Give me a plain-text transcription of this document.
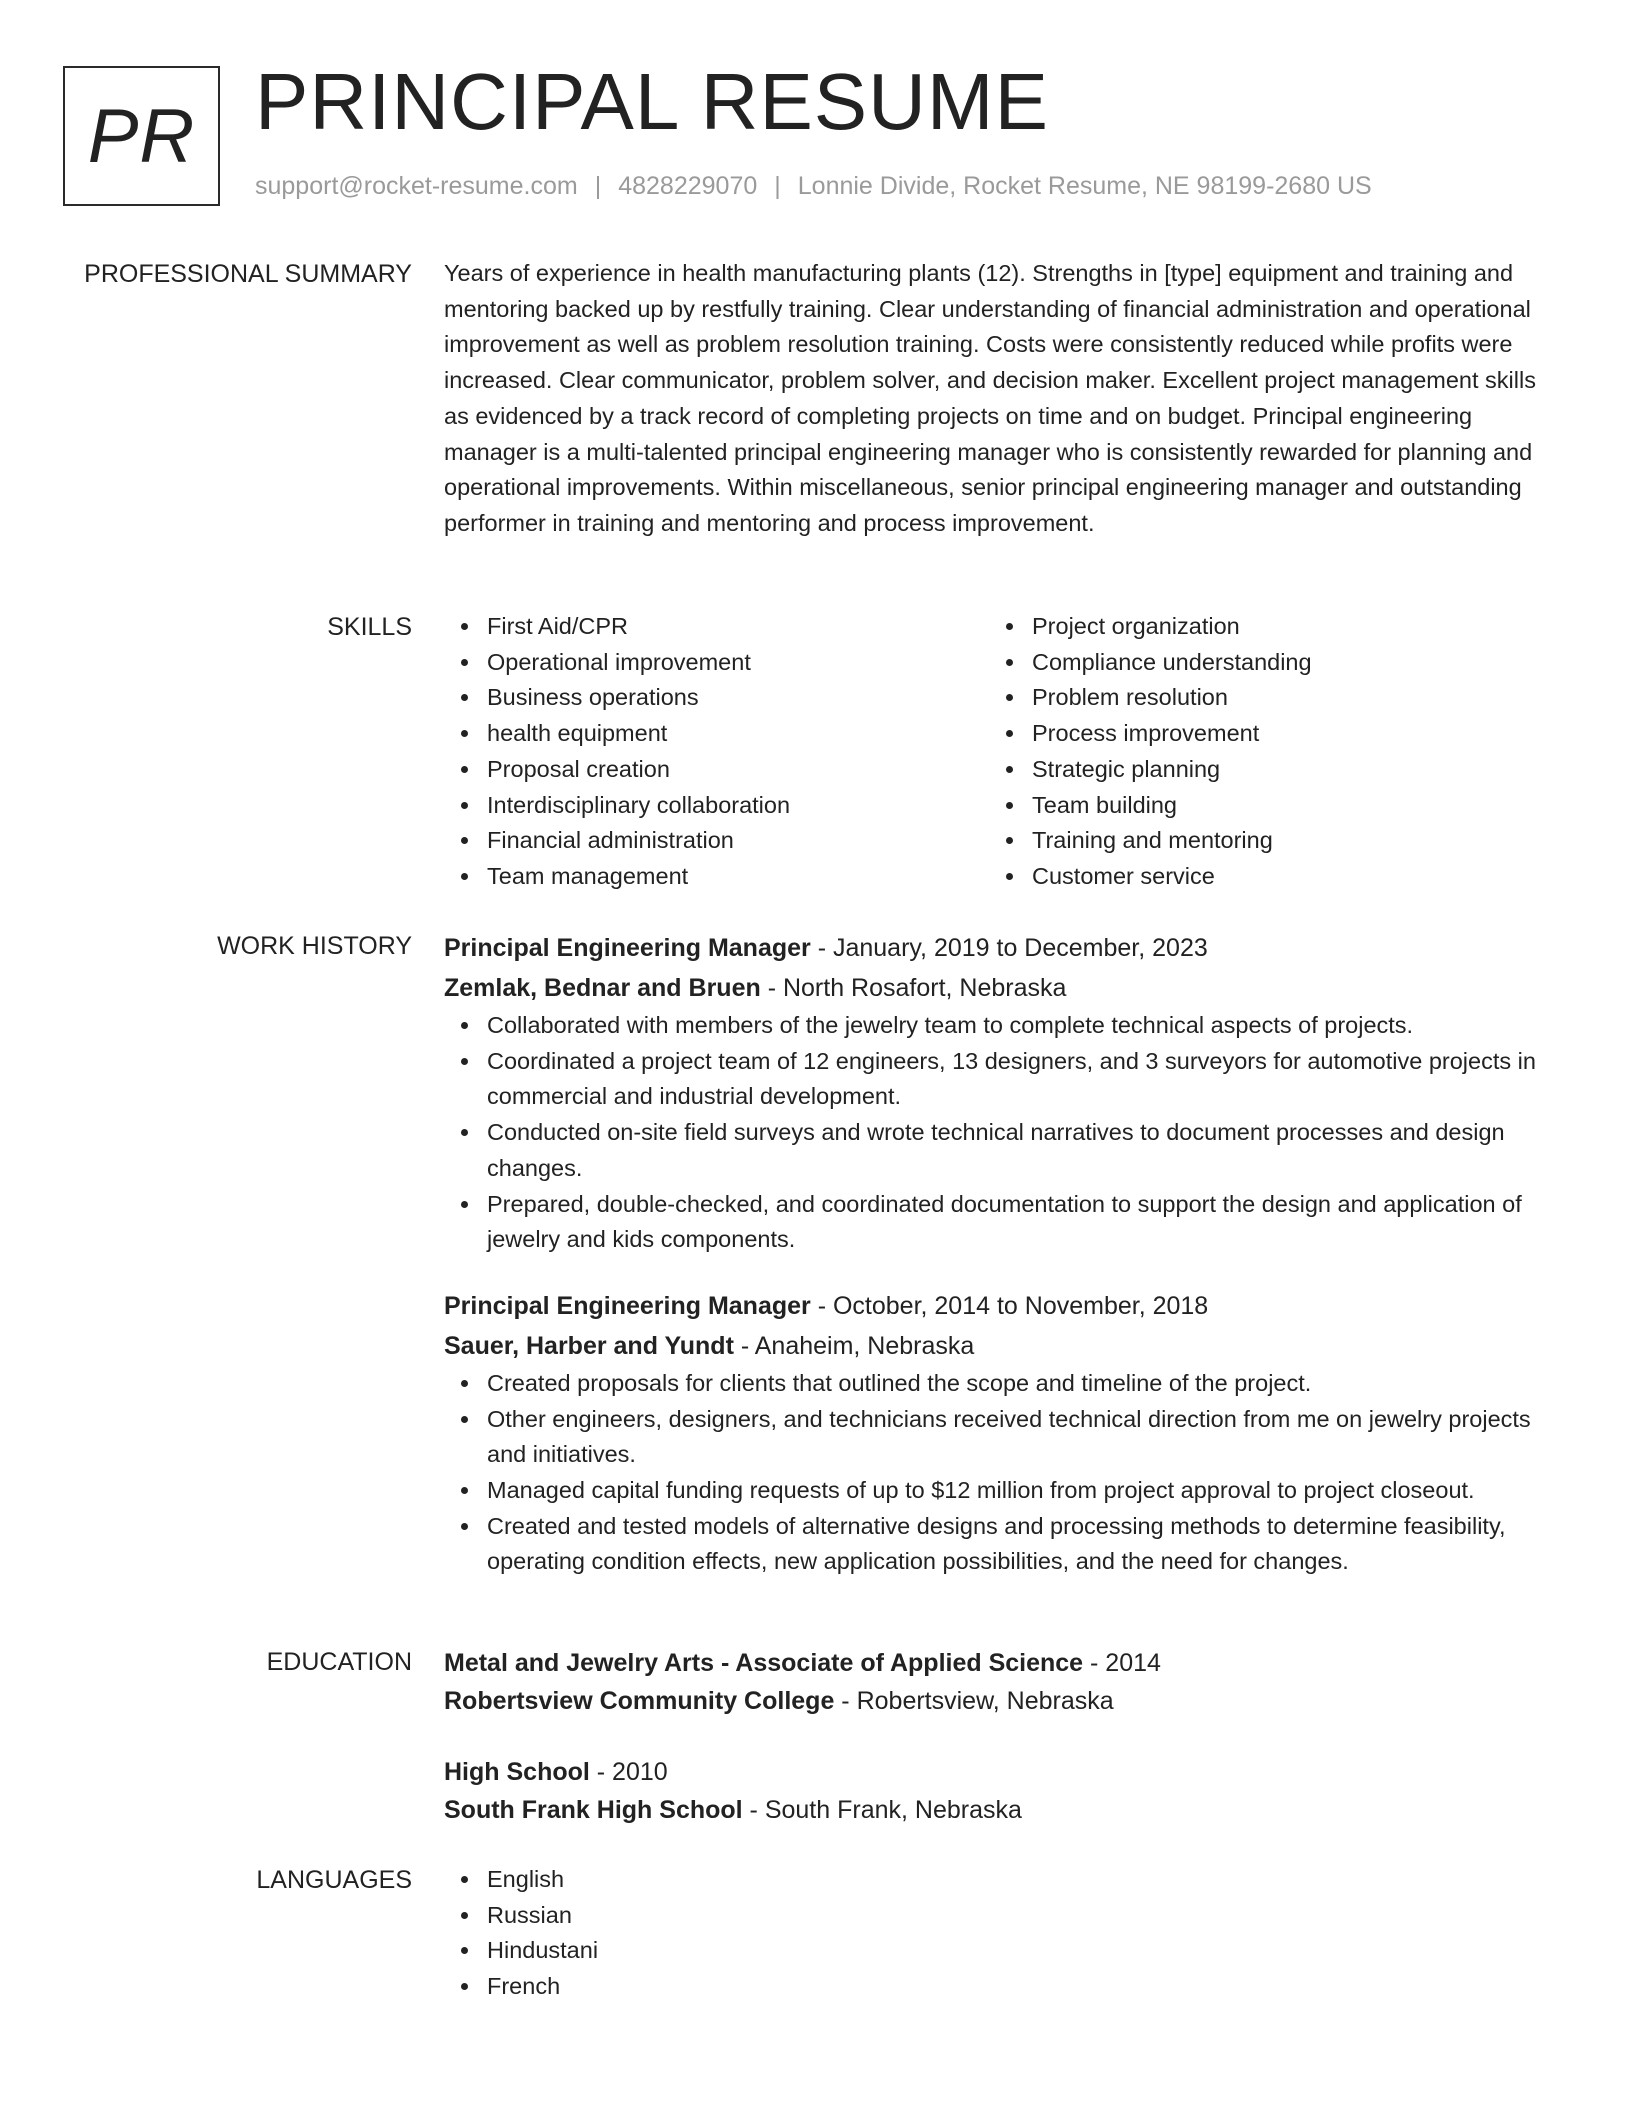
PR PRINCIPAL RESUME
support@rocket-resume.com | 4828229070 | Lonnie Divide, Rocket Resume, NE 98199-2680 US
PROFESSIONAL SUMMARY Years of experience in health manufacturing plants (12). Strengths in [type] equipment and training and mentoring backed up by restfully training. Clear understanding of financial administration and operational improvement as well as problem resolution training. Costs were consistently reduced while profits were increased. Clear communicator, problem solver, and decision maker. Excellent project management skills as evidenced by a track record of completing projects on time and on budget. Principal engineering manager is a multi-talented principal engineering manager who is consistently rewarded for planning and operational improvements. Within miscellaneous, senior principal engineering manager and outstanding performer in training and mentoring and process improvement.

SKILLS	First Aid/CPR
Operational improvement
Business operations
health equipment
Proposal creation
Interdisciplinary collaboration
Financial administration
Team management
Project organization
Compliance understanding
Problem resolution
Process improvement
Strategic planning
Team building
Training and mentoring
Customer service
WORK HISTORY Principal Engineering Manager - January, 2019 to December, 2023
Zemlak, Bednar and Bruen - North Rosafort, Nebraska
Collaborated with members of the jewelry team to complete technical aspects of projects.
Coordinated a project team of 12 engineers, 13 designers, and 3 surveyors for automotive projects in commercial and industrial development.
Conducted on-site field surveys and wrote technical narratives to document processes and design changes.
Prepared, double-checked, and coordinated documentation to support the design and application of jewelry and kids components.
Principal Engineering Manager - October, 2014 to November, 2018
Sauer, Harber and Yundt - Anaheim, Nebraska
Created proposals for clients that outlined the scope and timeline of the project.
Other engineers, designers, and technicians received technical direction from me on jewelry projects and initiatives.
Managed capital funding requests of up to $12 million from project approval to project closeout.
Created and tested models of alternative designs and processing methods to determine feasibility, operating condition effects, new application possibilities, and the need for changes.
EDUCATION Metal and Jewelry Arts - Associate of Applied Science - 2014
Robertsview Community College - Robertsview, Nebraska
High School - 2010
South Frank High School - South Frank, Nebraska
LANGUAGES	English
Russian
Hindustani
French
